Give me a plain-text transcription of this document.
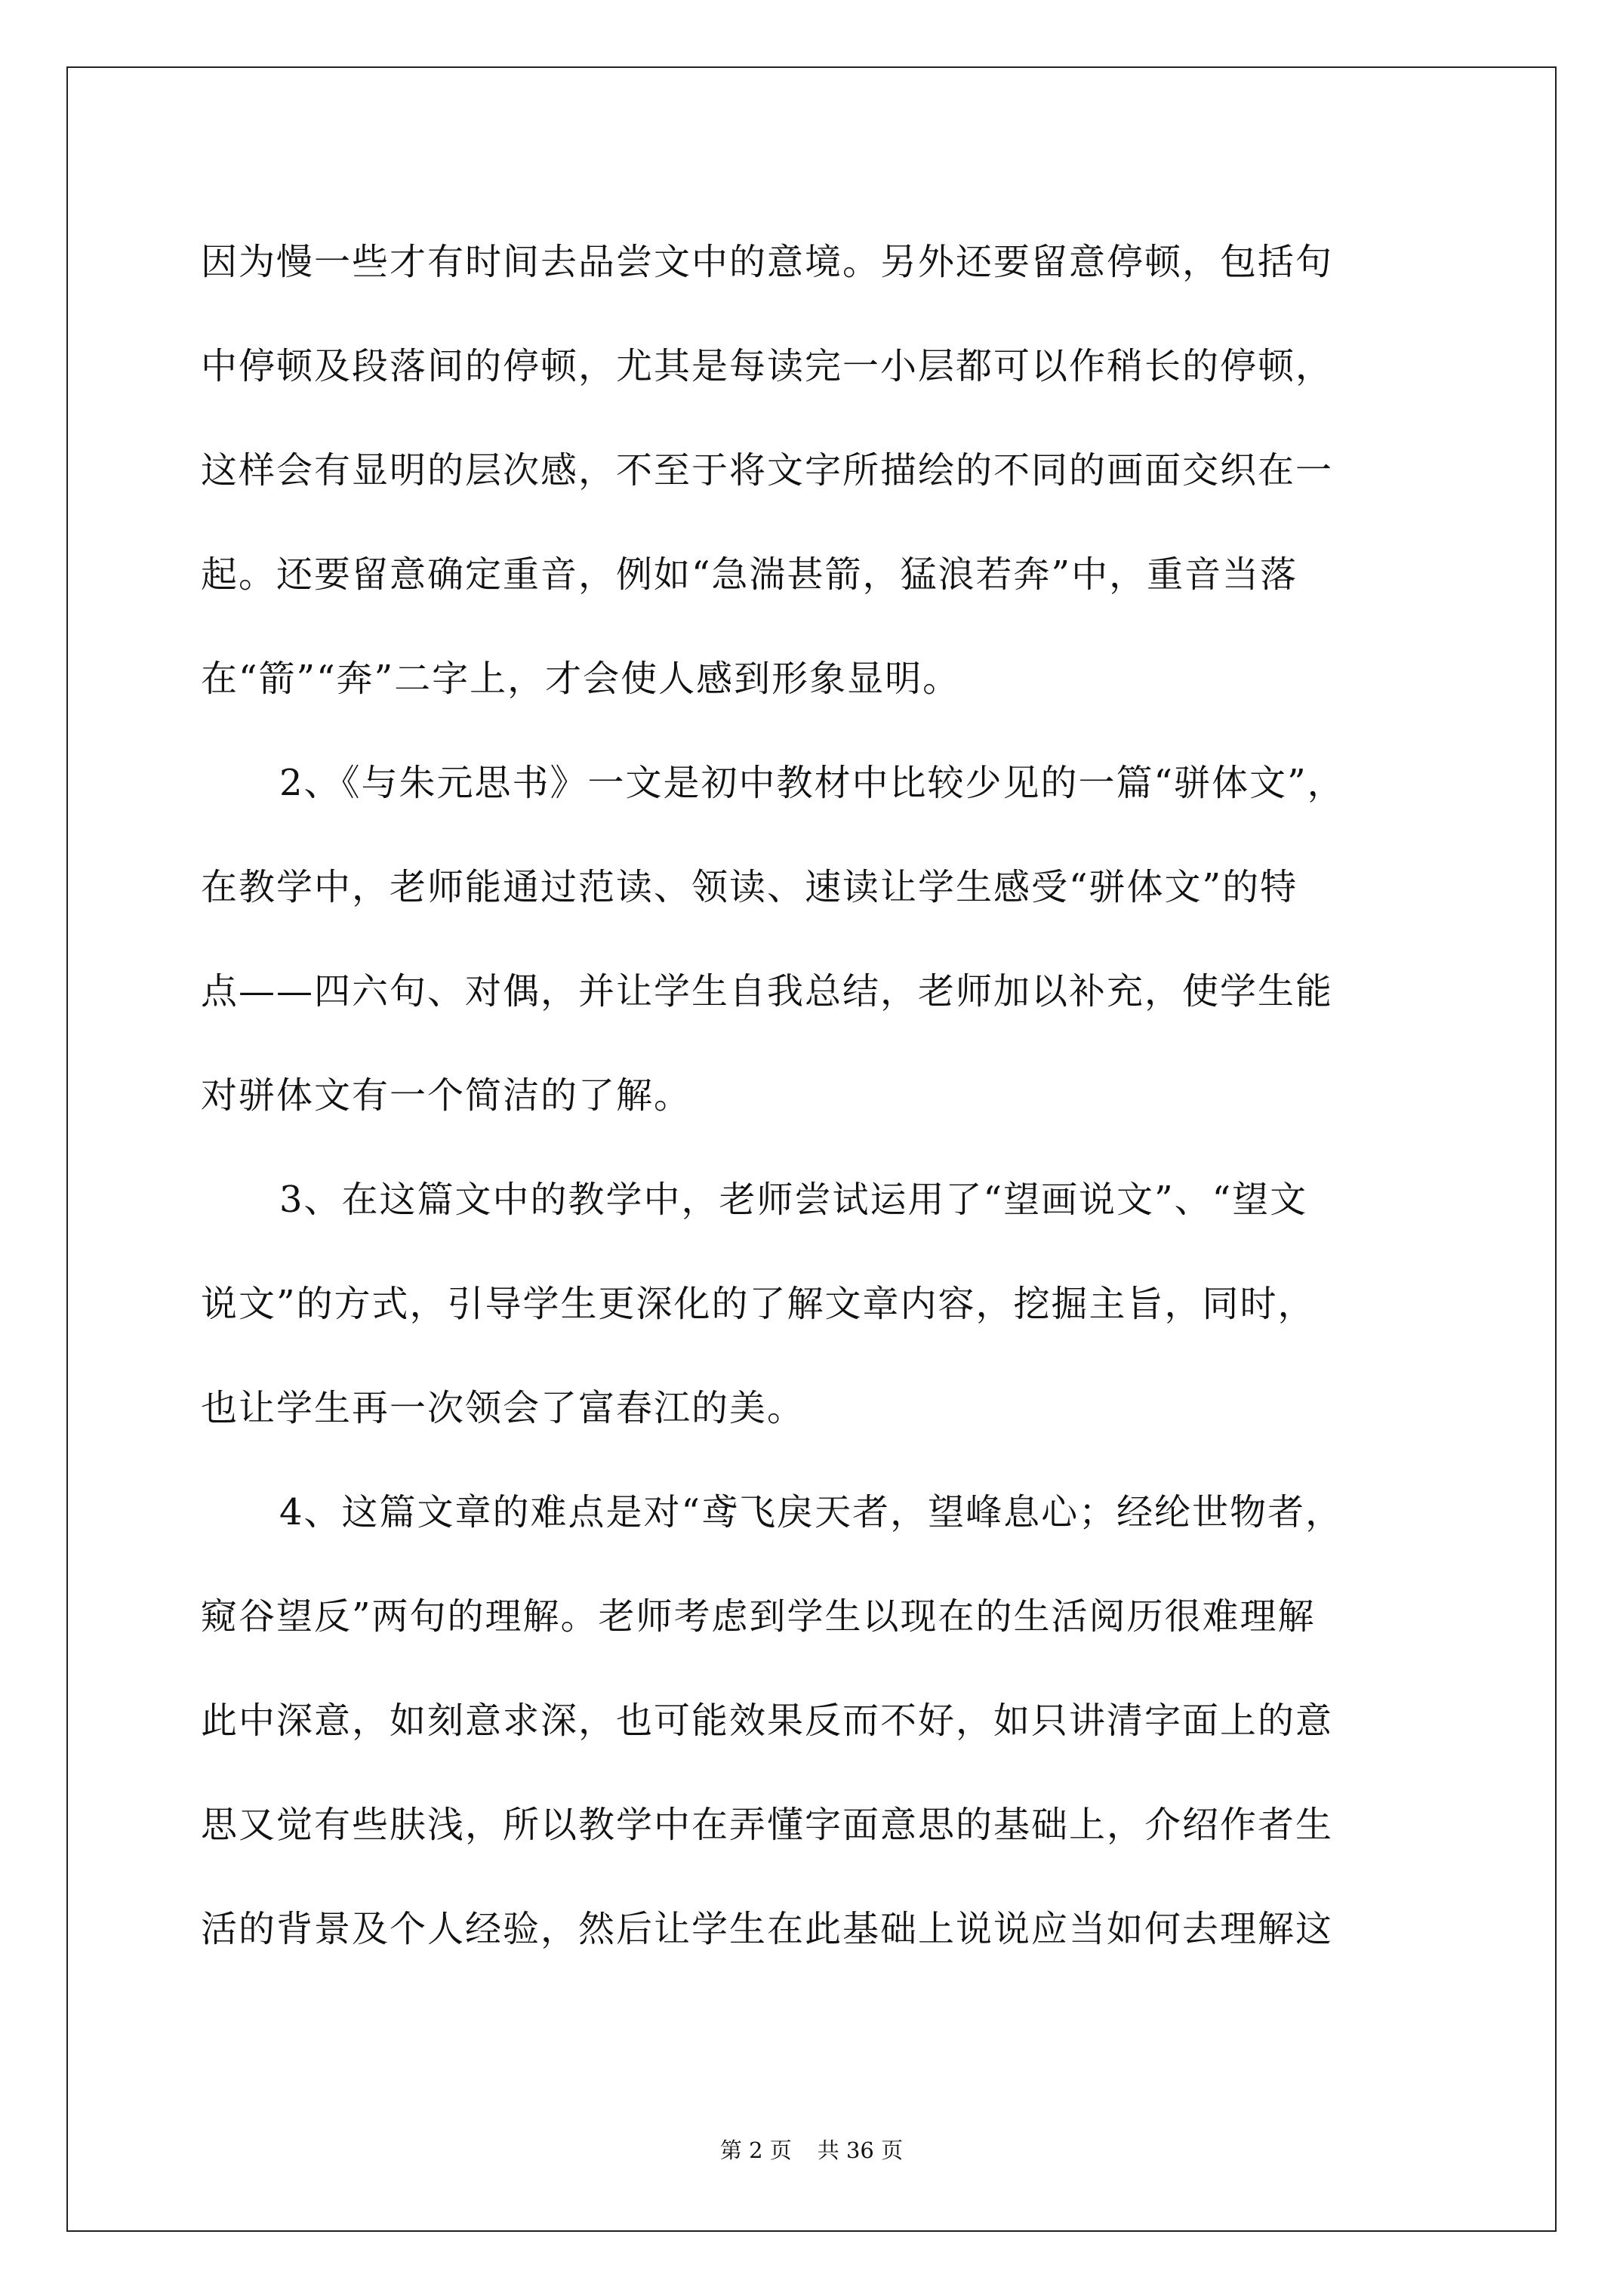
因为慢一些才有时间去品尝文中的意境。另外还要留意停顿，包括句
中停顿及段落间的停顿，尤其是每读完一小层都可以作稍长的停顿，
这样会有显明的层次感，不至于将文字所描绘的不同的画面交织在一
起。还要留意确定重音，例如“急湍甚箭，猛浪若奔”中，重音当落
在“箭”“奔”二字上，才会使人感到形象显明。
2、《与朱元思书》一文是初中教材中比较少见的一篇“骈体文”，
在教学中，老师能通过范读、领读、速读让学生感受“骈体文”的特
点——四六句、对偶，并让学生自我总结，老师加以补充，使学生能
对骈体文有一个简洁的了解。
3、在这篇文中的教学中，老师尝试运用了“望画说文”、“望文
说文”的方式，引导学生更深化的了解文章内容，挖掘主旨，同时，
也让学生再一次领会了富春江的美。
4、这篇文章的难点是对“鸢飞戾天者，望峰息心；经纶世物者，
窥谷望反”两句的理解。老师考虑到学生以现在的生活阅历很难理解
此中深意，如刻意求深，也可能效果反而不好，如只讲清字面上的意
思又觉有些肤浅，所以教学中在弄懂字面意思的基础上，介绍作者生
活的背景及个人经验，然后让学生在此基础上说说应当如何去理解这
第 2 页 共 36 页
